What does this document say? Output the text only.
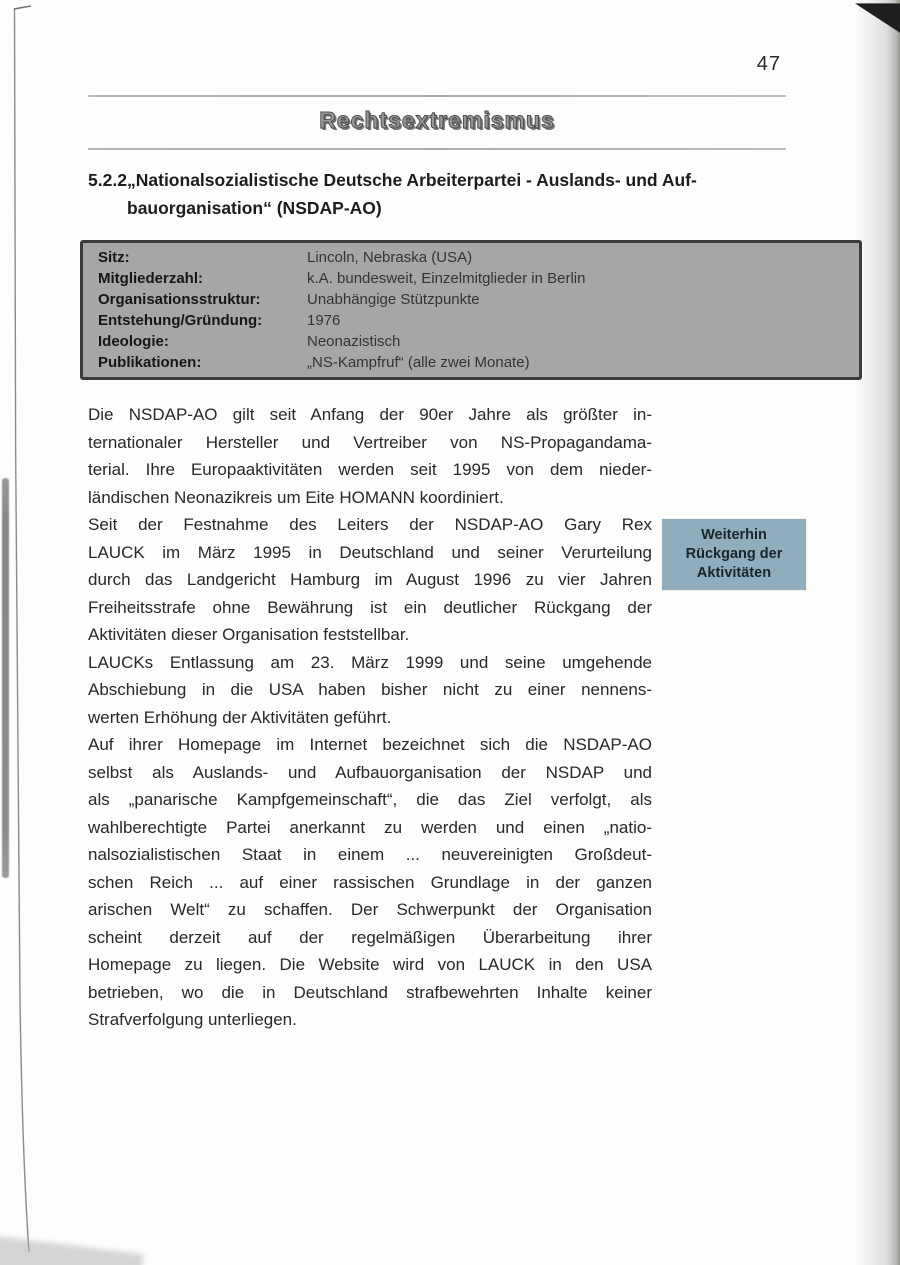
47
Rechtsextremismus
5.2.2 „Nationalsozialistische Deutsche Arbeiterpartei - Auslands- und Auf-
bauorganisation“ (NSDAP-AO)
Sitz:	Lincoln, Nebraska (USA)
Mitgliederzahl:	k.A. bundesweit, Einzelmitglieder in Berlin
Organisationsstruktur:	Unabhängige Stützpunkte
Entstehung/Gründung:	1976
Ideologie:	Neonazistisch
Publikationen:	„NS-Kampfruf“ (alle zwei Monate)
Die NSDAP-AO gilt seit Anfang der 90er Jahre als größter in-
ternationaler Hersteller und Vertreiber von NS-Propagandama-
terial. Ihre Europaaktivitäten werden seit 1995 von dem nieder-
ländischen Neonazikreis um Eite HOMANN koordiniert.
Seit der Festnahme des Leiters der NSDAP-AO Gary Rex
LAUCK im März 1995 in Deutschland und seiner Verurteilung
durch das Landgericht Hamburg im August 1996 zu vier Jahren
Freiheitsstrafe ohne Bewährung ist ein deutlicher Rückgang der
Aktivitäten dieser Organisation feststellbar.
LAUCKs Entlassung am 23. März 1999 und seine umgehende
Abschiebung in die USA haben bisher nicht zu einer nennens-
werten Erhöhung der Aktivitäten geführt.
Auf ihrer Homepage im Internet bezeichnet sich die NSDAP-AO
selbst als Auslands- und Aufbauorganisation der NSDAP und
als „panarische Kampfgemeinschaft“, die das Ziel verfolgt, als
wahlberechtigte Partei anerkannt zu werden und einen „natio-
nalsozialistischen Staat in einem ... neuvereinigten Großdeut-
schen Reich ... auf einer rassischen Grundlage in der ganzen
arischen Welt“ zu schaffen. Der Schwerpunkt der Organisation
scheint derzeit auf der regelmäßigen Überarbeitung ihrer
Homepage zu liegen. Die Website wird von LAUCK in den USA
betrieben, wo die in Deutschland strafbewehrten Inhalte keiner
Strafverfolgung unterliegen.
Weiterhin
Rückgang der
Aktivitäten
